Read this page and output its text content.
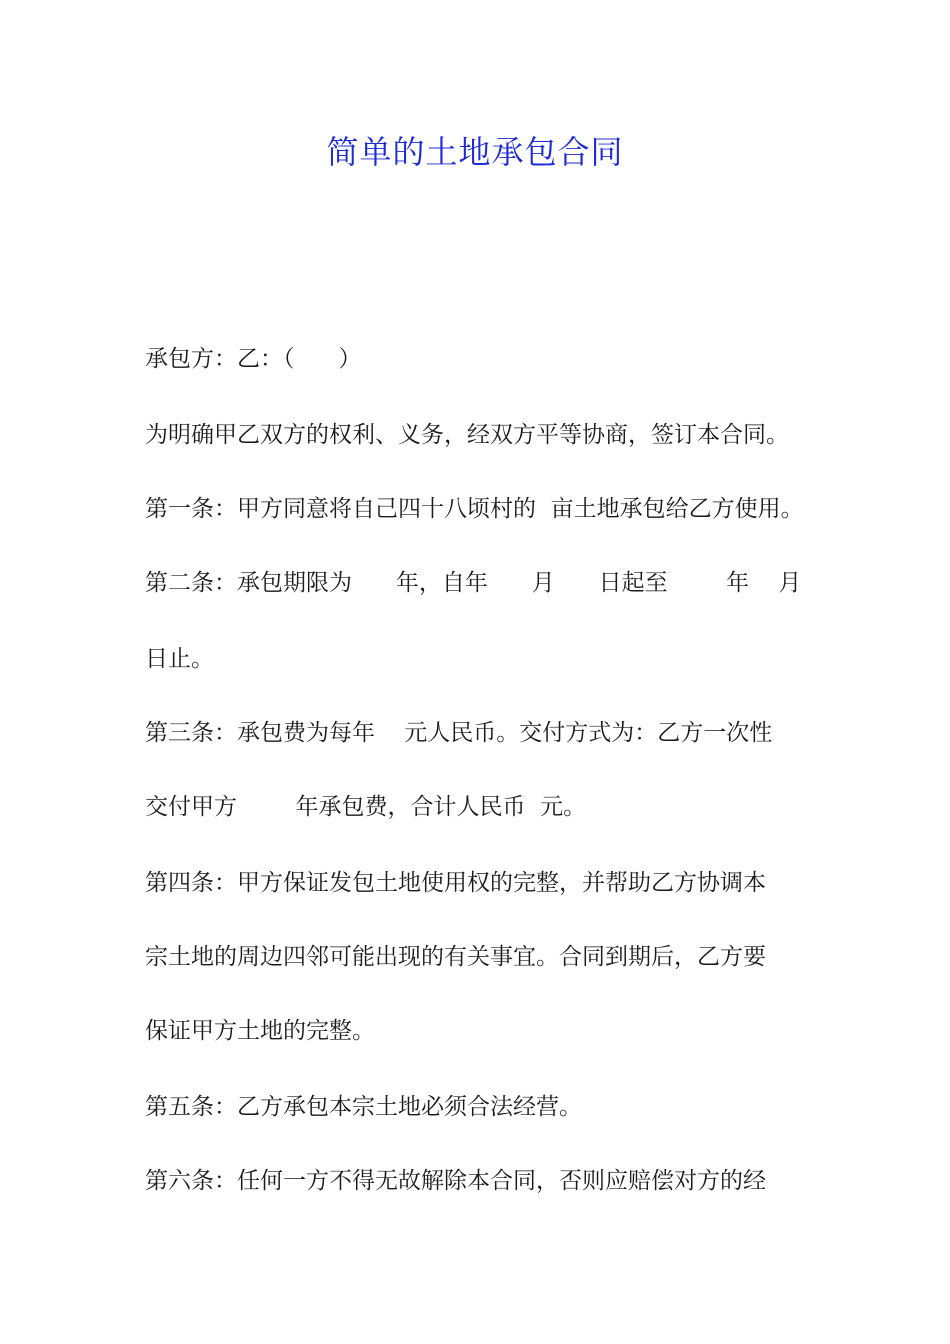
简单的土地承包合同

承包方：乙：（      ）

为明确甲乙双方的权利、义务，经双方平等协商，签订本合同。

第一条：甲方同意将自己四十八顷村的  亩土地承包给乙方使用。

第二条：承包期限为      年，自年      月      日起至        年    月

日止。

第三条：承包费为每年    元人民币。交付方式为：乙方一次性

交付甲方        年承包费，合计人民币  元。

第四条：甲方保证发包土地使用权的完整，并帮助乙方协调本

宗土地的周边四邻可能出现的有关事宜。合同到期后，乙方要

保证甲方土地的完整。

第五条：乙方承包本宗土地必须合法经营。

第六条：任何一方不得无故解除本合同，否则应赔偿对方的经
